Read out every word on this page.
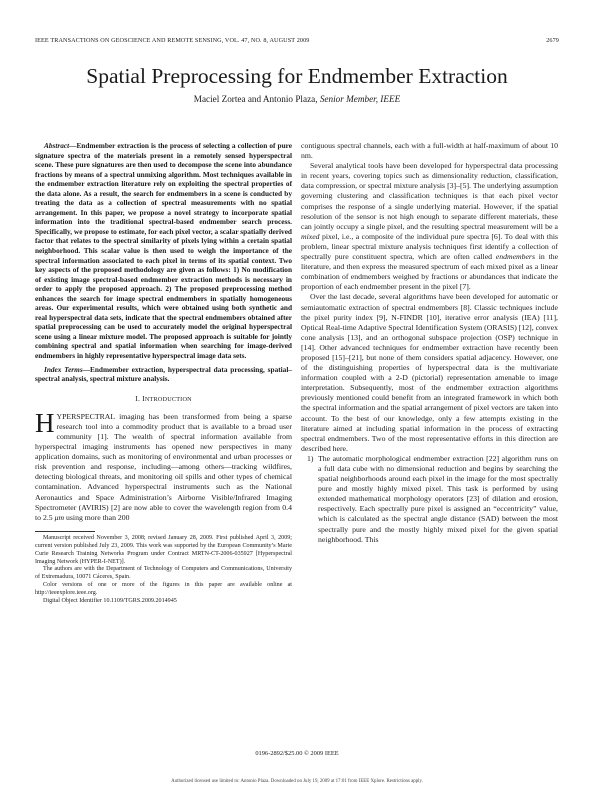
IEEE TRANSACTIONS ON GEOSCIENCE AND REMOTE SENSING, VOL. 47, NO. 8, AUGUST 2009	2679
Spatial Preprocessing for Endmember Extraction
Maciel Zortea and Antonio Plaza, Senior Member, IEEE

Abstract—Endmember extraction is the process of selecting a collection of pure signature spectra of the materials present in a remotely sensed hyperspectral scene. These pure signatures are then used to decompose the scene into abundance fractions by means of a spectral unmixing algorithm. Most techniques available in the endmember extraction literature rely on exploiting the spectral properties of the data alone. As a result, the search for endmembers in a scene is conducted by treating the data as a collection of spectral measurements with no spatial arrangement. In this paper, we propose a novel strategy to incorporate spatial information into the traditional spectral-based endmember search process. Specifically, we propose to estimate, for each pixel vector, a scalar spatially derived factor that relates to the spectral similarity of pixels lying within a certain spatial neighborhood. This scalar value is then used to weigh the importance of the spectral information associated to each pixel in terms of its spatial context. Two key aspects of the proposed methodology are given as follows: 1) No modification of existing image spectral-based endmember extraction methods is necessary in order to apply the proposed approach. 2) The proposed preprocessing method enhances the search for image spectral endmembers in spatially homogeneous areas. Our experimental results, which were obtained using both synthetic and real hyperspectral data sets, indicate that the spectral endmembers obtained after spatial preprocessing can be used to accurately model the original hyperspectral scene using a linear mixture model. The proposed approach is suitable for jointly combining spectral and spatial information when searching for image-derived endmembers in highly representative hyperspectral image data sets.

Index Terms—Endmember extraction, hyperspectral data processing, spatial–spectral analysis, spectral mixture analysis.

I. INTRODUCTION

HYPERSPECTRAL imaging has been transformed from being a sparse research tool into a commodity product that is available to a broad user community [1]. The wealth of spectral information available from hyperspectral imaging instruments has opened new perspectives in many application domains, such as monitoring of environmental and urban processes or risk prevention and response, including—among others—tracking wildfires, detecting biological threats, and monitoring oil spills and other types of chemical contamination. Advanced hyperspectral instruments such as the National Aeronautics and Space Administration’s Airborne Visible/Infrared Imaging Spectrometer (AVIRIS) [2] are now able to cover the wavelength region from 0.4 to 2.5 μm using more than 200

Manuscript received November 3, 2008; revised January 28, 2009. First published April 3, 2009; current version published July 23, 2009. This work was supported by the European Community’s Marie Curie Research Training Networks Program under Contract MRTN-CT-2006-035927 [Hyperspectral Imaging Network (HYPER-I-NET)].

The authors are with the Department of Technology of Computers and Communications, University of Extremadura, 10071 Cáceres, Spain.

Color versions of one or more of the figures in this paper are available online at http://ieeexplore.ieee.org.

Digital Object Identifier 10.1109/TGRS.2009.2014945

contiguous spectral channels, each with a full-width at half-maximum of about 10 nm.

Several analytical tools have been developed for hyperspectral data processing in recent years, covering topics such as dimensionality reduction, classification, data compression, or spectral mixture analysis [3]–[5]. The underlying assumption governing clustering and classification techniques is that each pixel vector comprises the response of a single underlying material. However, if the spatial resolution of the sensor is not high enough to separate different materials, these can jointly occupy a single pixel, and the resulting spectral measurement will be a mixed pixel, i.e., a composite of the individual pure spectra [6]. To deal with this problem, linear spectral mixture analysis techniques first identify a collection of spectrally pure constituent spectra, which are often called endmembers in the literature, and then express the measured spectrum of each mixed pixel as a linear combination of endmembers weighed by fractions or abundances that indicate the proportion of each endmember present in the pixel [7].

Over the last decade, several algorithms have been developed for automatic or semiautomatic extraction of spectral endmembers [8]. Classic techniques include the pixel purity index [9], N-FINDR [10], iterative error analysis (IEA) [11], Optical Real-time Adaptive Spectral Identification System (ORASIS) [12], convex cone analysis [13], and an orthogonal subspace projection (OSP) technique in [14]. Other advanced techniques for endmember extraction have recently been proposed [15]–[21], but none of them considers spatial adjacency. However, one of the distinguishing properties of hyperspectral data is the multivariate information coupled with a 2-D (pictorial) representation amenable to image interpretation. Subsequently, most of the endmember extraction algorithms previously mentioned could benefit from an integrated framework in which both the spectral information and the spatial arrangement of pixel vectors are taken into account. To the best of our knowledge, only a few attempts existing in the literature aimed at including spatial information in the process of extracting spectral endmembers. Two of the most representative efforts in this direction are described here.

1) The automatic morphological endmember extraction [22] algorithm runs on a full data cube with no dimensional reduction and begins by searching the spatial neighborhoods around each pixel in the image for the most spectrally pure and mostly highly mixed pixel. This task is performed by using extended mathematical morphology operators [23] of dilation and erosion, respectively. Each spectrally pure pixel is assigned an “eccentricity” value, which is calculated as the spectral angle distance (SAD) between the most spectrally pure and the mostly highly mixed pixel for the given spatial neighborhood. This

0196-2892/$25.00 © 2009 IEEE
Authorized licensed use limited to: Antonio Plaza. Downloaded on July 19, 2009 at 17:01 from IEEE Xplore. Restrictions apply.
